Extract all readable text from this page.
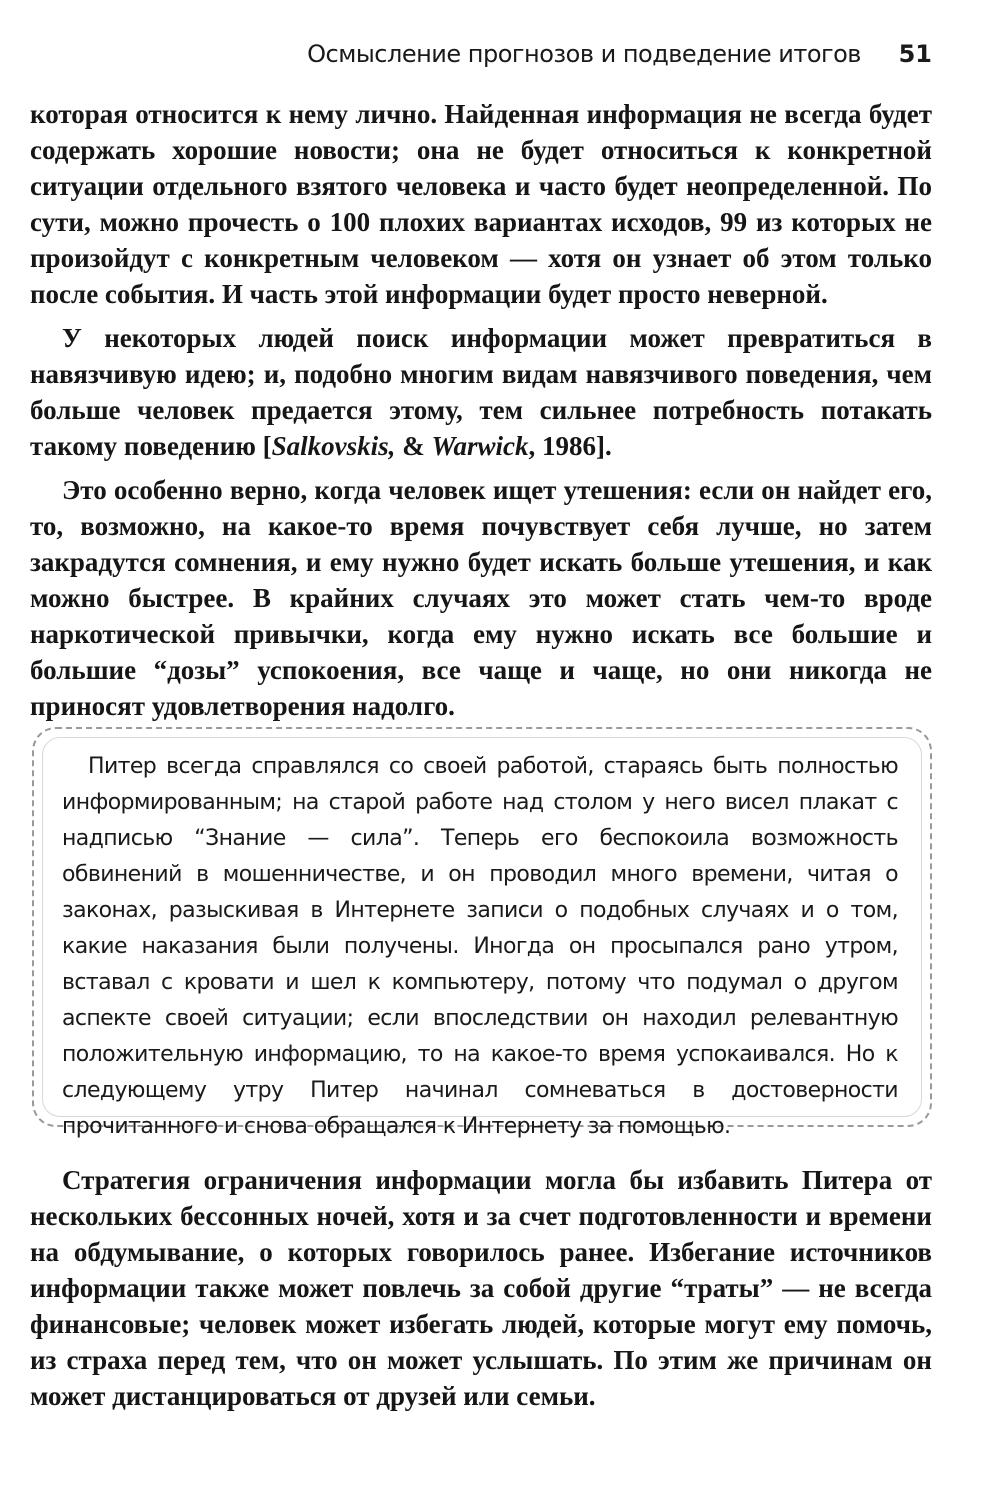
Осмысление прогнозов и подведение итогов 51

которая относится к нему лично. Найденная информация не всегда будет содержать хорошие новости; она не будет относиться к конкретной ситуации отдельного взятого человека и часто будет неопределенной. По сути, можно прочесть о 100 плохих вариантах исходов, 99 из которых не произойдут с конкретным человеком — хотя он узнает об этом только после события. И часть этой информации будет просто неверной.

У некоторых людей поиск информации может превратиться в навязчивую идею; и, подобно многим видам навязчивого поведения, чем больше человек предается этому, тем сильнее потребность потакать такому поведению [Salkovskis, & Warwick, 1986].

Это особенно верно, когда человек ищет утешения: если он найдет его, то, возможно, на какое-то время почувствует себя лучше, но затем закрадутся сомнения, и ему нужно будет искать больше утешения, и как можно быстрее. В крайних случаях это может стать чем-то вроде наркотической привычки, когда ему нужно искать все большие и большие “дозы” успокоения, все чаще и чаще, но они никогда не приносят удовлетворения надолго.

Питер всегда справлялся со своей работой, стараясь быть полностью информированным; на старой работе над столом у него висел плакат с надписью “Знание — сила”. Теперь его беспокоила возможность обвинений в мошенничестве, и он проводил много времени, читая о законах, разыскивая в Интернете записи о подобных случаях и о том, какие наказания были получены. Иногда он просыпался рано утром, вставал с кровати и шел к компьютеру, потому что подумал о другом аспекте своей ситуации; если впоследствии он находил релевантную положительную информацию, то на какое-то время успокаивался. Но к следующему утру Питер начинал сомневаться в достоверности прочитанного и снова обращался к Интернету за помощью.

Стратегия ограничения информации могла бы избавить Питера от нескольких бессонных ночей, хотя и за счет подготовленности и времени на обдумывание, о которых говорилось ранее. Избегание источников информации также может повлечь за собой другие “траты” — не всегда финансовые; человек может избегать людей, которые могут ему помочь, из страха перед тем, что он может услышать. По этим же причинам он может дистанцироваться от друзей или семьи.
